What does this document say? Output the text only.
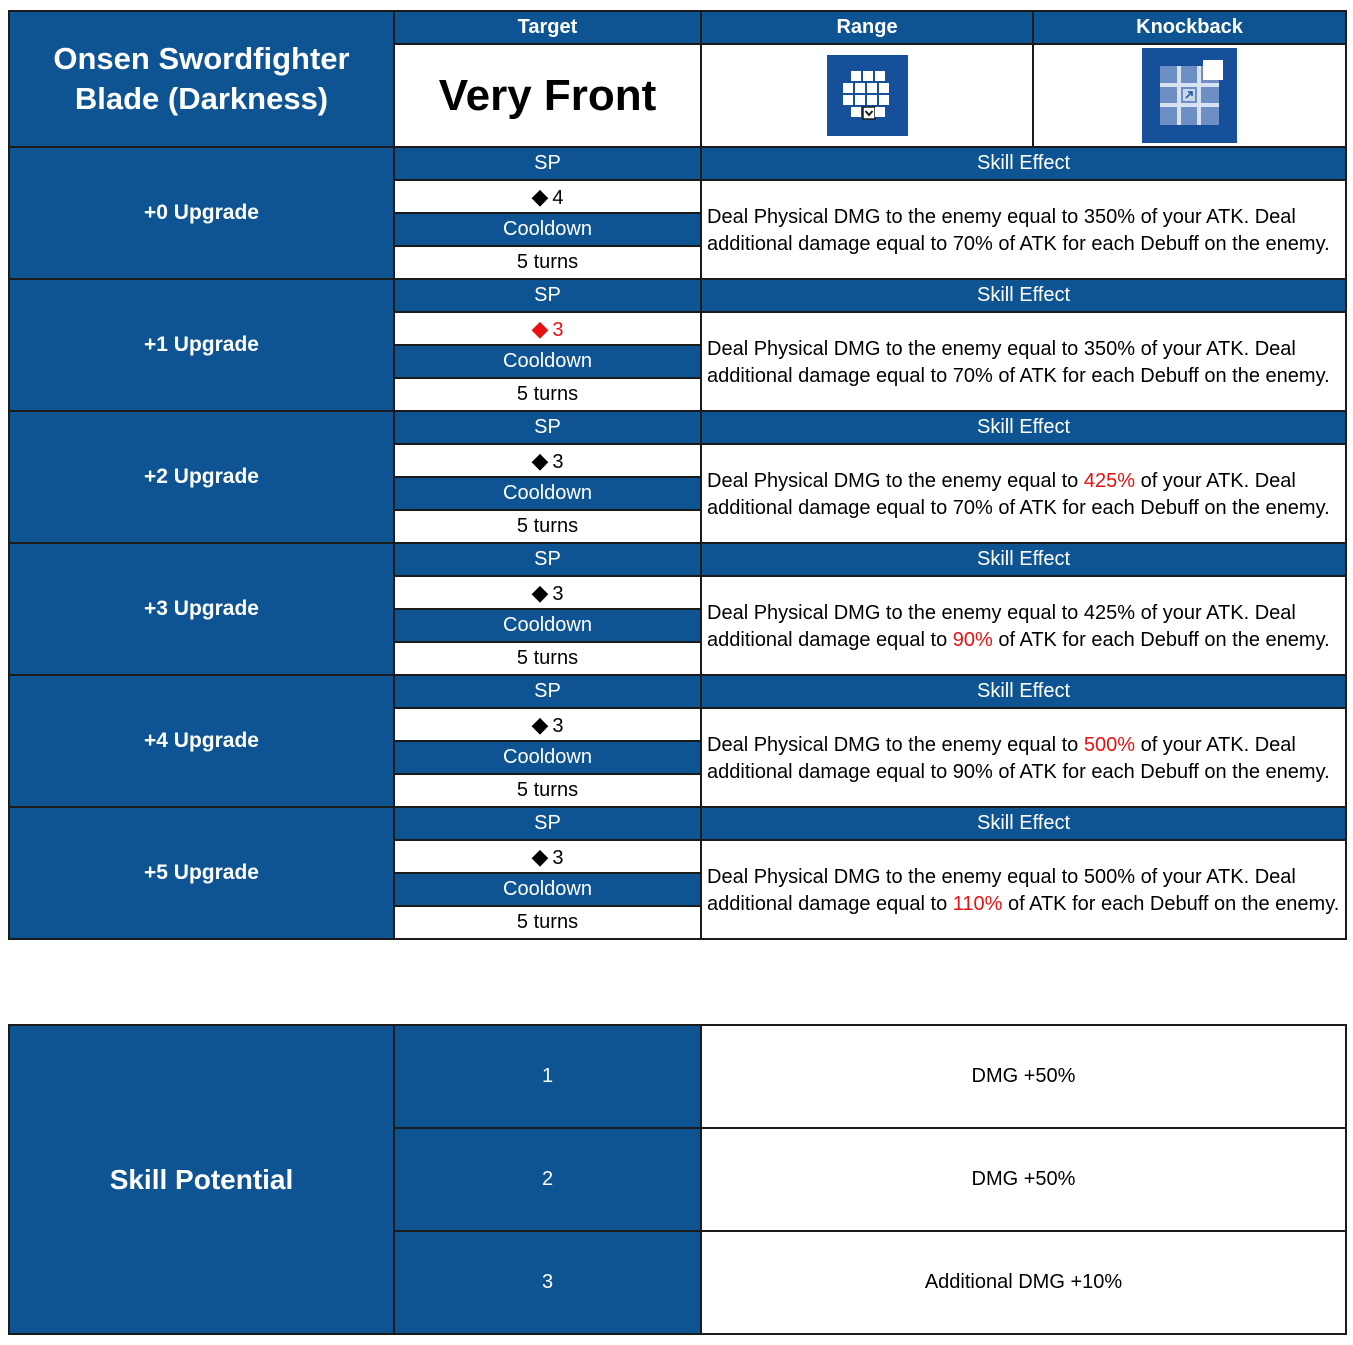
Onsen Swordfighter
Blade (Darkness)	Target	Range	Knockback
	Very Front		
+0 Upgrade	SP	Skill Effect	
	◆ 4	Deal Physical DMG to the enemy equal to 350% of your ATK. Deal additional damage equal to 70% of ATK for each Debuff on the enemy.	
	Cooldown		
	5 turns		
+1 Upgrade	SP	Skill Effect	
	◆ 3	Deal Physical DMG to the enemy equal to 350% of your ATK. Deal additional damage equal to 70% of ATK for each Debuff on the enemy.	
	Cooldown		
	5 turns		
+2 Upgrade	SP	Skill Effect	
	◆ 3	Deal Physical DMG to the enemy equal to 425% of your ATK. Deal additional damage equal to 70% of ATK for each Debuff on the enemy.	
	Cooldown		
	5 turns		
+3 Upgrade	SP	Skill Effect	
	◆ 3	Deal Physical DMG to the enemy equal to 425% of your ATK. Deal additional damage equal to 90% of ATK for each Debuff on the enemy.	
	Cooldown		
	5 turns		
+4 Upgrade	SP	Skill Effect	
	◆ 3	Deal Physical DMG to the enemy equal to 500% of your ATK. Deal additional damage equal to 90% of ATK for each Debuff on the enemy.	
	Cooldown		
	5 turns		
+5 Upgrade	SP	Skill Effect	
	◆ 3	Deal Physical DMG to the enemy equal to 500% of your ATK. Deal additional damage equal to 110% of ATK for each Debuff on the enemy.	
	Cooldown		
	5 turns		
Skill Potential	1	DMG +50%
	2	DMG +50%
	3	Additional DMG +10%
